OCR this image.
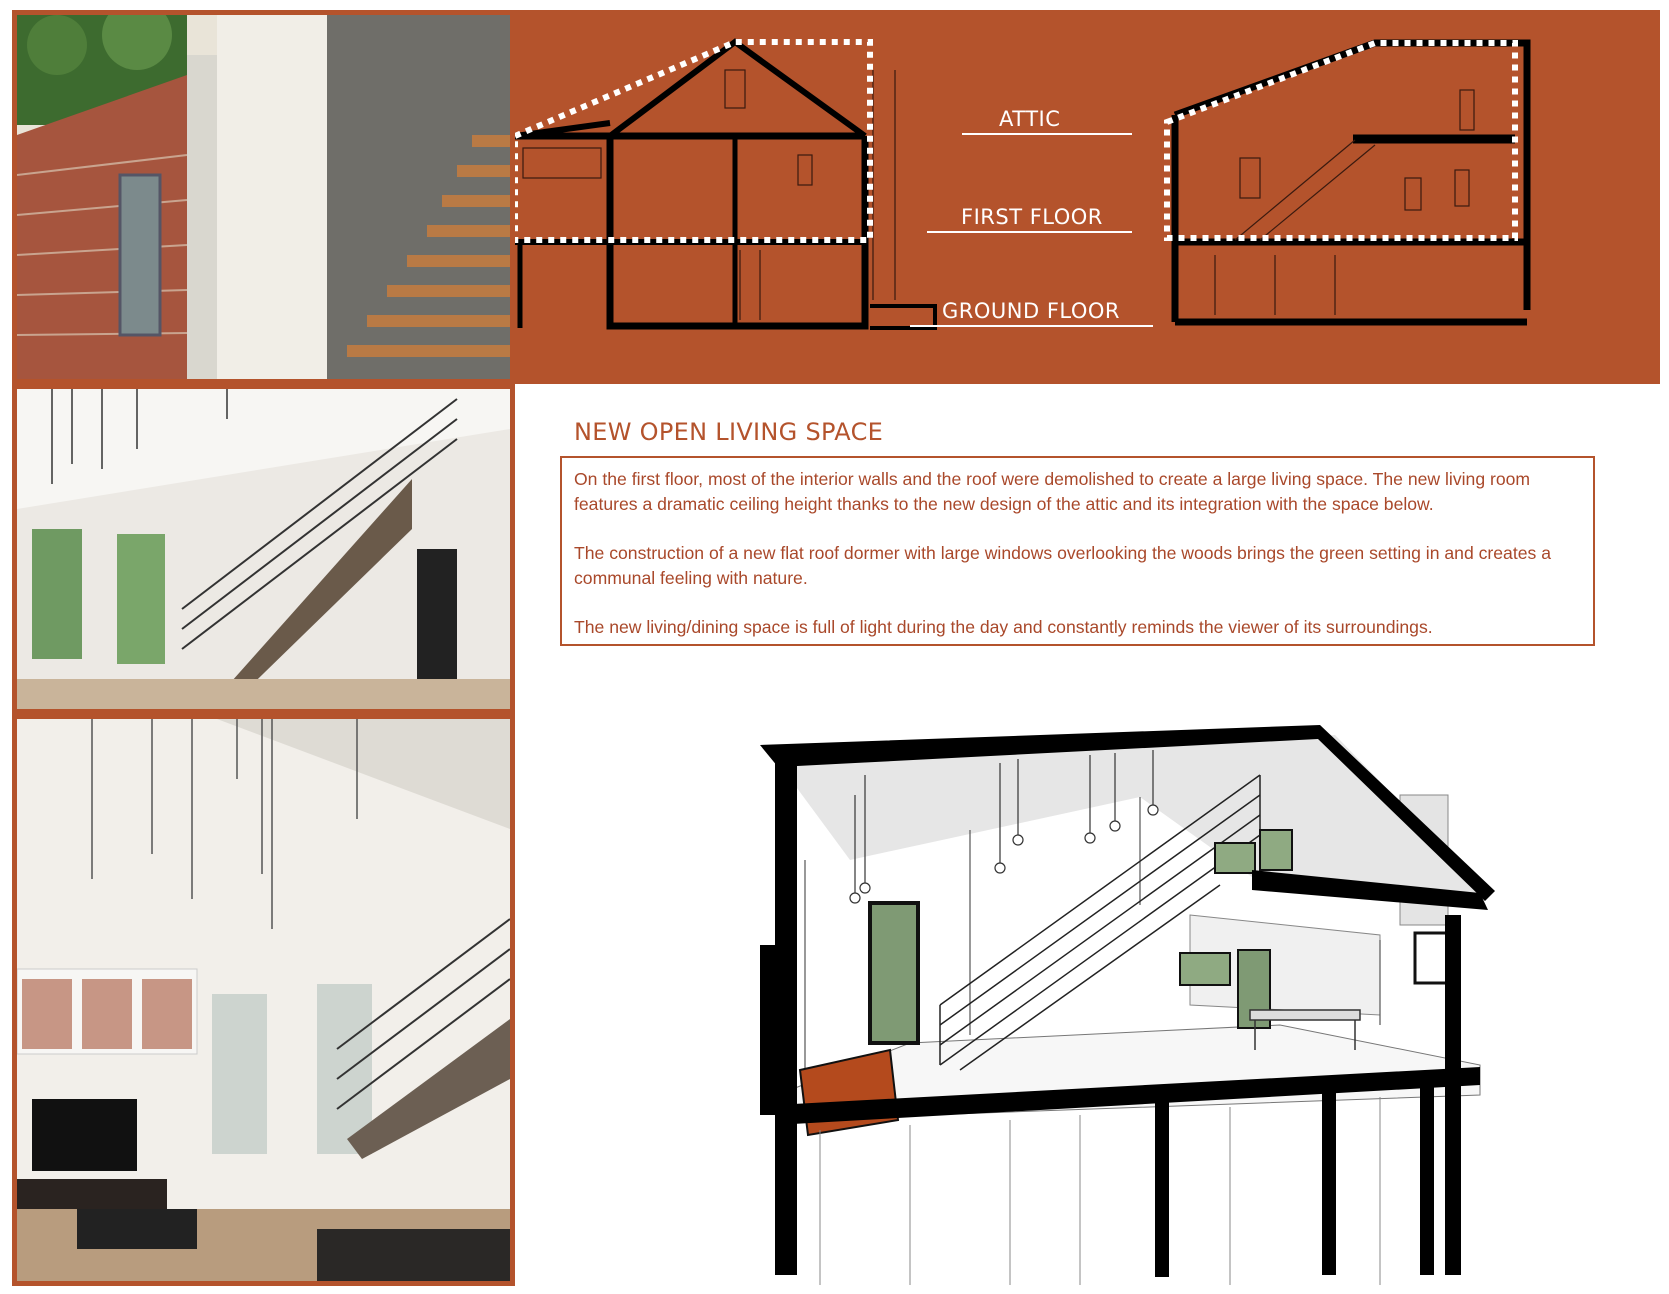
ATTIC
FIRST FLOOR
GROUND FLOOR
NEW OPEN LIVING SPACE

On the first floor, most of the interior walls and the roof were demolished to create a large living space. The new living room features a dramatic ceiling height thanks to the new design of the attic and its integration with the space below.

The construction of a new flat roof dormer with large windows overlooking the woods brings the green setting in and creates a communal feeling with nature.

The new living/dining space is full of light during the day and constantly reminds the viewer of its surroundings.
